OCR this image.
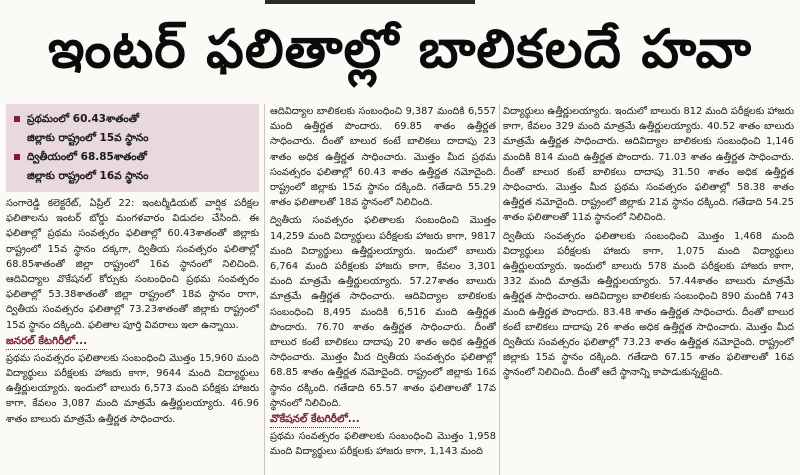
ఇంటర్ ఫలితాల్లో బాలికలదే హవా
ప్రథమంలో 60.43శాతంతో
జిల్లాకు రాష్ట్రంలో 15వ స్థానం
ద్వితీయంలో 68.85శాతంతో
జిల్లాకు రాష్ట్రంలో 16వ స్థానం

సంగారెడ్డి కలెక్టరేట్, ఏప్రిల్ 22: ఇంటర్మీడియట్ వార్షిక పరీక్షల ఫలితాలను ఇంటర్ బోర్డు మంగళవారం విడుదల చేసింది. ఈ ఫలితాల్లో ప్రథమ సంవత్సరం ఫలితాల్లో 60.43శాతంతో జిల్లాకు రాష్ట్రంలో 15వ స్థానం దక్కగా, ద్వితీయ సంవత్సరం ఫలితాల్లో 68.85శాతంతో జిల్లా రాష్ట్రంలో 16వ స్థానంలో నిలిచింది. ఆదివిద్యాల వొకేషనల్ కోర్సుకు సంబంధించి ప్రథమ సంవత్సరం ఫలితాల్లో 53.38శాతంతో జిల్లా రాష్ట్రంలో 18వ స్థానం రాగా, ద్వితీయ సంవత్సరం ఫలితాల్లో 73.23శాతంతో జిల్లాకు రాష్ట్రంలో 15వ స్థానం దక్కింది. ఫలితాల పూర్తి వివరాలు ఇలా ఉన్నాయి.

జనరల్ కేటగిరీలో...

ప్రథమ సంవత్సరం ఫలితాలకు సంబంధించి మొత్తం 15,960 మంది విద్యార్థులు పరీక్షలకు హాజరు కాగా, 9644 మంది విద్యార్థులు ఉత్తీర్ణులయ్యారు. ఇందులో బాలురు 6,573 మంది పరీక్షకు హాజరు కాగా, కేవలం 3,087 మంది మాత్రమే ఉత్తీర్ణులయ్యారు. 46.96 శాతం బాలురు మాత్రమే ఉత్తీర్ణత సాధించారు.

ఆదివిద్యాల బాలికలకు సంబంధించి 9,387 మందికి 6,557 మంది ఉత్తీర్ణత పొందారు. 69.85 శాతం ఉత్తీర్ణత సాధించారు. దీంతో బాలుర కంటే బాలికలు దాదాపు 23 శాతం అధిక ఉత్తీర్ణత సాధించారు. మొత్తం మీద ప్రథమ సంవత్సరం ఫలితాల్లో 60.43 శాతం ఉత్తీర్ణత నమోదైంది. రాష్ట్రంలో జిల్లాకు 15వ స్థానం దక్కింది. గతేడాది 55.29 శాతం ఫలితాలతో 18వ స్థానంలో నిలిచింది.

ద్వితీయ సంవత్సరం ఫలితాలకు సంబంధించి మొత్తం 14,259 మంది విద్యార్థులు పరీక్షలకు హాజరు కాగా, 9817 మంది విద్యార్థులు ఉత్తీర్ణులయ్యారు. ఇందులో బాలురు 6,764 మంది పరీక్షలకు హాజరు కాగా, కేవలం 3,301 మంది మాత్రమే ఉత్తీర్ణులయ్యారు. 57.27శాతం బాలురు మాత్రమే ఉత్తీర్ణత సాధించారు. ఆదివిద్యాల బాలికలకు సంబంధించి 8,495 మందికి 6,516 మంది ఉత్తీర్ణత పొందారు. 76.70 శాతం ఉత్తీర్ణత సాధించారు. దీంతో బాలుర కంటే బాలికలు దాదాపు 20 శాతం అధిక ఉత్తీర్ణత సాధించారు. మొత్తం మీద ద్వితీయ సంవత్సరం ఫలితాల్లో 68.85 శాతం ఉత్తీర్ణత నమోదైంది. రాష్ట్రంలో జిల్లాకు 16వ స్థానం దక్కింది. గతేడాది 65.57 శాతం ఫలితాలతో 17వ స్థానంలో నిలిచింది.

వొకేషనల్ కేటగిరీలో...

ప్రథమ సంవత్సరం ఫలితాలకు సంబంధించి మొత్తం 1,958 మంది విద్యార్థులు పరీక్షలకు హాజరు కాగా, 1,143 మంది

విద్యార్థులు ఉత్తీర్ణులయ్యారు. ఇందులో బాలురు 812 మంది పరీక్షలకు హాజరు కాగా, కేవలం 329 మంది మాత్రమే ఉత్తీర్ణులయ్యారు. 40.52 శాతం బాలురు మాత్రమే ఉత్తీర్ణత సాధించారు. ఆదివిద్యాల బాలికలకు సంబంధించి 1,146 మందికి 814 మంది ఉత్తీర్ణత పొందారు. 71.03 శాతం ఉత్తీర్ణత సాధించారు. దీంతో బాలుర కంటే బాలికలు దాదాపు 31.50 శాతం అధిక ఉత్తీర్ణత సాధించారు. మొత్తం మీద ప్రథమ సంవత్సరం ఫలితాల్లో 58.38 శాతం ఉత్తీర్ణత నమోదైంది. రాష్ట్రంలో జిల్లాకు 21వ స్థానం దక్కింది. గతేడాది 54.25 శాతం ఫలితాలతో 11వ స్థానంలో నిలిచింది.

ద్వితీయ సంవత్సరం ఫలితాలకు సంబంధించి మొత్తం 1,468 మంది విద్యార్థులు పరీక్షలకు హాజరు కాగా, 1,075 మంది విద్యార్థులు ఉత్తీర్ణులయ్యారు. ఇందులో బాలురు 578 మంది పరీక్షలకు హాజరు కాగా, 332 మంది మాత్రమే ఉత్తీర్ణులయ్యారు. 57.44శాతం బాలురు మాత్రమే ఉత్తీర్ణత సాధించారు. ఆదివిద్యాల బాలికలకు సంబంధించి 890 మందికి 743 మంది ఉత్తీర్ణత పొందారు. 83.48 శాతం ఉత్తీర్ణత సాధించారు. దీంతో బాలుర కంటే బాలికలు దాదాపు 26 శాతం అధిక ఉత్తీర్ణత సాధించారు. మొత్తం మీద ద్వితీయ సంవత్సరం ఫలితాల్లో 73.23 శాతం ఉత్తీర్ణత నమోదైంది. రాష్ట్రంలో జిల్లాకు 15వ స్థానం దక్కింది. గతేడాది 67.15 శాతం ఫలితాలతో 16వ స్థానంలో నిలిచింది. దీంతో ఆదే స్థానాన్ని కాపాడుకున్నట్లైంది.
